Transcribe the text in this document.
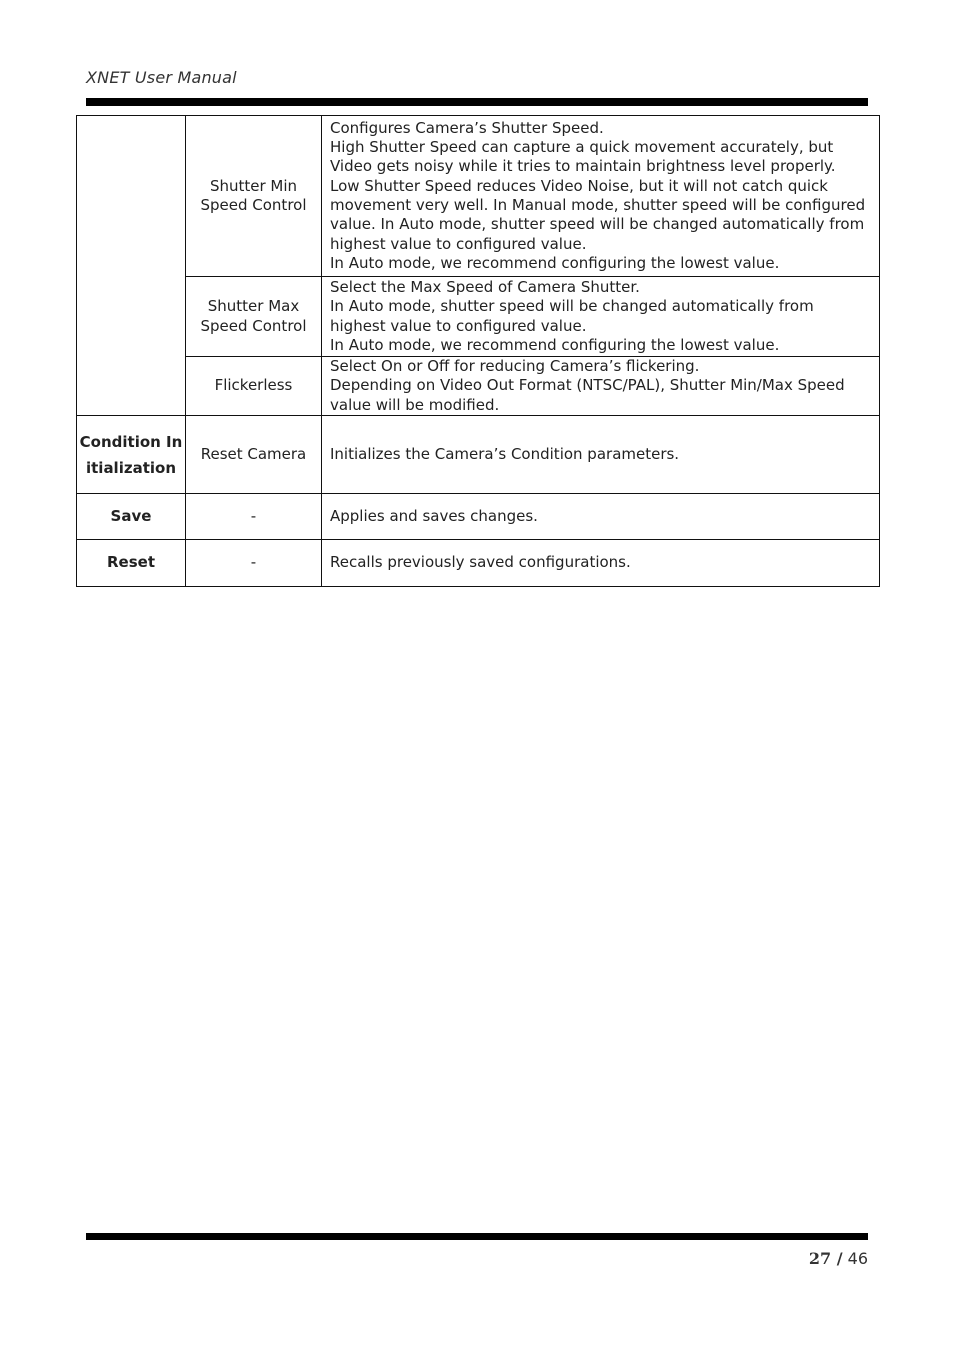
XNET User Manual
	Shutter Min Speed Control	Configures Camera’s Shutter Speed.
High Shutter Speed can capture a quick movement accurately, but Video gets noisy while it tries to maintain brightness level properly.
Low Shutter Speed reduces Video Noise, but it will not catch quick movement very well. In Manual mode, shutter speed will be configured value. In Auto mode, shutter speed will be changed automatically from highest value to configured value.
In Auto mode, we recommend configuring the lowest value.

	Shutter Max Speed Control	Select the Max Speed of Camera Shutter.
In Auto mode, shutter speed will be changed automatically from highest value to configured value.
In Auto mode, we recommend configuring the lowest value.

	Flickerless	Select On or Off for reducing Camera’s flickering.
Depending on Video Out Format (NTSC/PAL), Shutter Min/Max Speed value will be modified.

Condition Initialization	Reset Camera	Initializes the Camera’s Condition parameters.

Save	-	Applies and saves changes.

Reset	-	Recalls previously saved configurations.
27 / 46
